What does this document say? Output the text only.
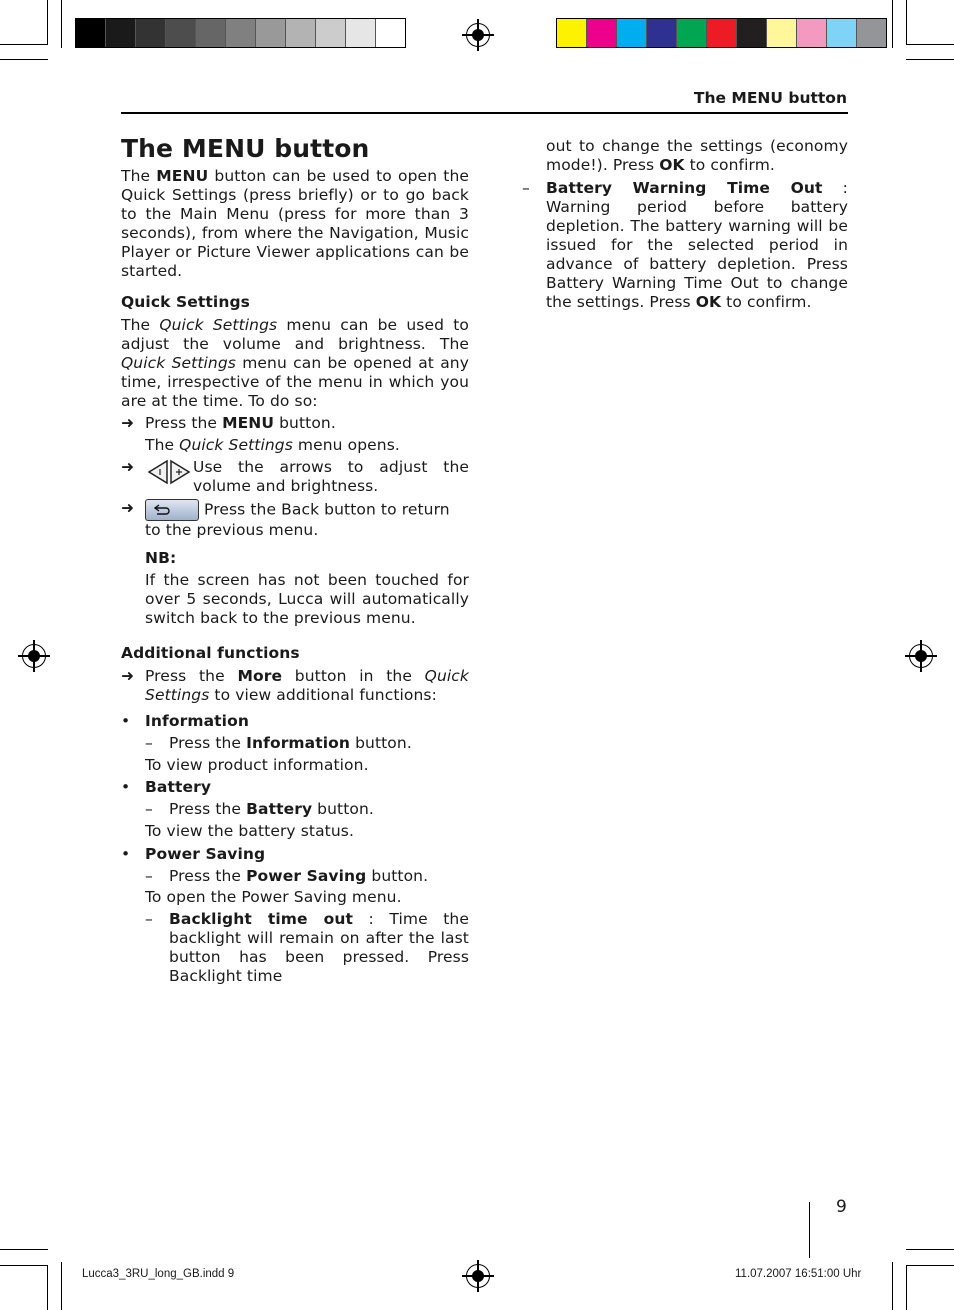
The MENU button
The MENU button

The MENU button can be used to open the Quick Settings (press briefly) or to go back to the Main Menu (press for more than 3 seconds), from where the Navigation, Music Player or Picture Viewer applications can be started.

Quick Settings

The Quick Settings menu can be used to adjust the volume and brightness. The Quick Settings menu can be opened at any time, irrespective of the menu in which you are at the time. To do so:

➜ Press the MENU button.
The Quick Settings menu opens.
➜	Use the arrows to adjust the volume and brightness.
➜	Press the Back button to return to the previous menu.
NB:

If the screen has not been touched for over 5 seconds, Lucca will automatically switch back to the previous menu.

Additional functions
➜ Press the More button in the Quick Settings to view additional functions:
• Information
– Press the Information button.
To view product information.
• Battery
– Press the Battery button.
To view the battery status.
• Power Saving
– Press the Power Saving button.
To open the Power Saving menu.
– Backlight time out : Time the backlight will remain on after the last button has been pressed. Press Backlight time

out to change the settings (economy mode!). Press OK to confirm.

– Battery Warning Time Out : Warning period before battery depletion. The battery warning will be issued for the selected period in advance of battery depletion. Press Battery Warning Time Out to change the settings. Press OK to confirm.
9
Lucca3_3RU_long_GB.indd 9	11.07.2007 16:51:00 Uhr
